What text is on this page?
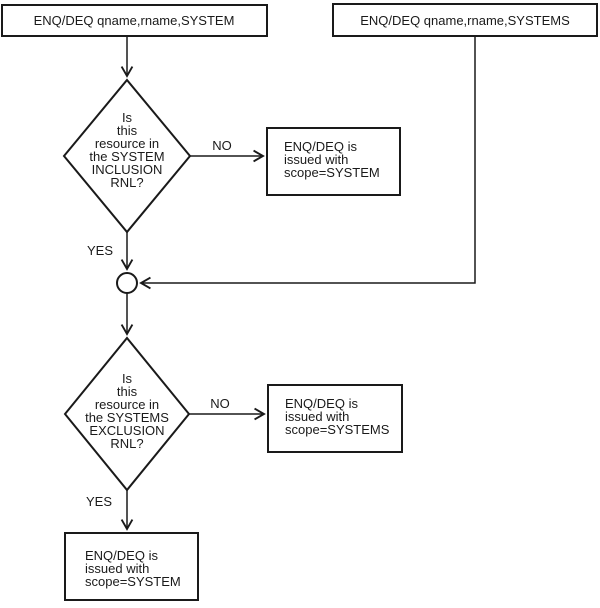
ENQ/DEQ qname,rname,SYSTEM	ENQ/DEQ qname,rname,SYSTEMS
Is
this
resource in
the SYSTEM
INCLUSION
RNL?
NO
YES
ENQ/DEQ is
issued with
scope=SYSTEM
Is
this
resource in
the SYSTEMS
EXCLUSION
RNL?
NO
YES
ENQ/DEQ is
issued with
scope=SYSTEMS
ENQ/DEQ is
issued with
scope=SYSTEM
